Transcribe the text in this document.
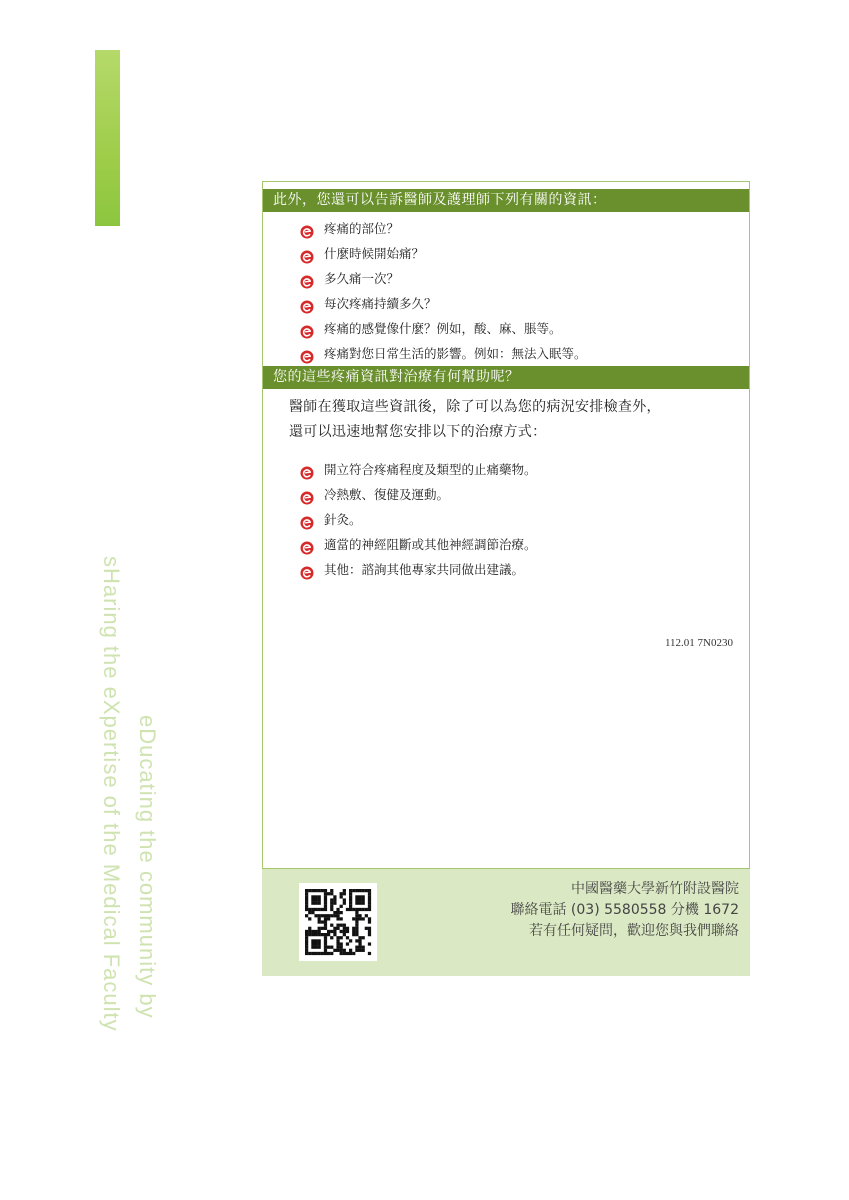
eDucating the community by
sHaring the eXpertise of the Medical Faculty
此外，您還可以告訴醫師及護理師下列有關的資訊：
疼痛的部位？
什麼時候開始痛？
多久痛一次？
每次疼痛持續多久？
疼痛的感覺像什麼？例如，酸、麻、脹等。
疼痛對您日常生活的影響。例如：無法入眠等。
您的這些疼痛資訊對治療有何幫助呢？
醫師在獲取這些資訊後，除了可以為您的病況安排檢查外，
還可以迅速地幫您安排以下的治療方式：
開立符合疼痛程度及類型的止痛藥物。
冷熱敷、復健及運動。
針灸。
適當的神經阻斷或其他神經調節治療。
其他：諮詢其他專家共同做出建議。
112.01 7N0230
中國醫藥大學新竹附設醫院
聯絡電話 (03) 5580558 分機 1672
若有任何疑問，歡迎您與我們聯絡
